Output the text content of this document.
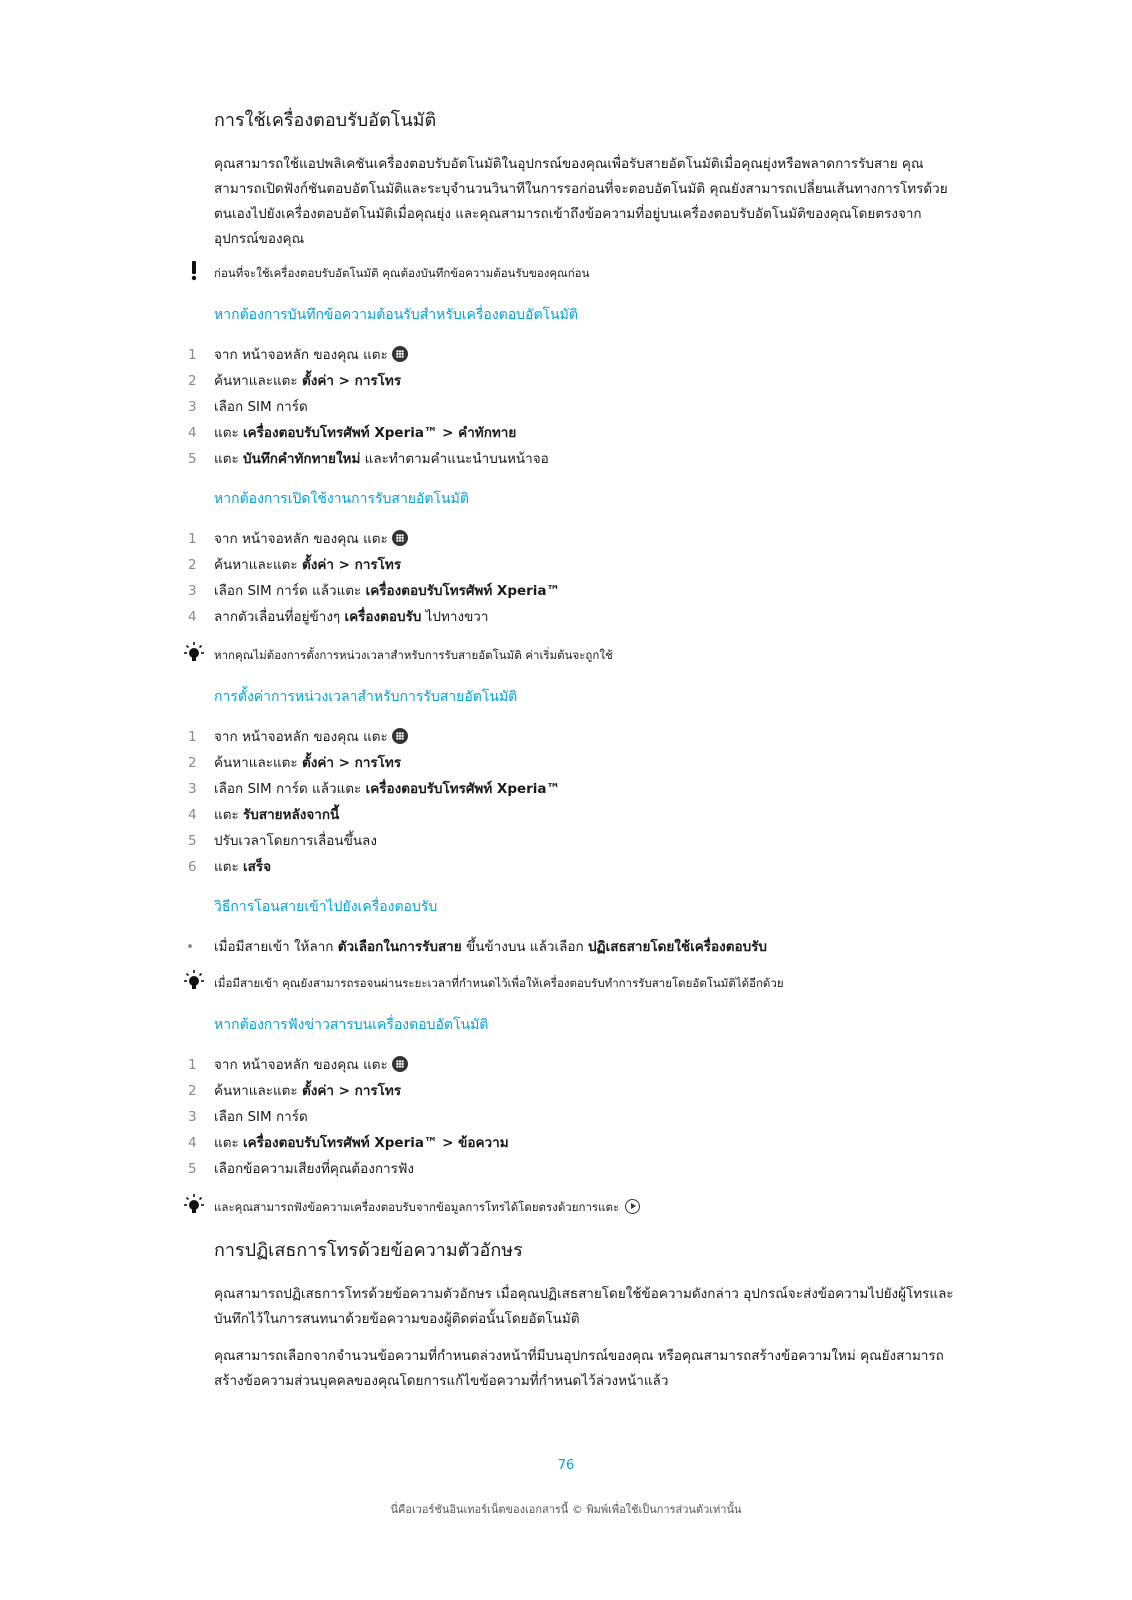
การใช้เครื่องตอบรับอัตโนมัติ

คุณสามารถใช้แอปพลิเคชันเครื่องตอบรับอัตโนมัติในอุปกรณ์ของคุณเพื่อรับสายอัตโนมัติเมื่อคุณยุ่งหรือพลาดการรับสาย คุณสามารถเปิดฟังก์ชันตอบอัตโนมัติและระบุจำนวนวินาทีในการรอก่อนที่จะตอบอัตโนมัติ คุณยังสามารถเปลี่ยนเส้นทางการโทรด้วยตนเองไปยังเครื่องตอบอัตโนมัติเมื่อคุณยุ่ง และคุณสามารถเข้าถึงข้อความที่อยู่บนเครื่องตอบรับอัตโนมัติของคุณโดยตรงจากอุปกรณ์ของคุณ

ก่อนที่จะใช้เครื่องตอบรับอัตโนมัติ คุณต้องบันทึกข้อความต้อนรับของคุณก่อน
หากต้องการบันทึกข้อความต้อนรับสำหรับเครื่องตอบอัตโนมัติ
1 จาก หน้าจอหลัก ของคุณ แตะ
2 ค้นหาและแตะ ตั้งค่า > การโทร
3 เลือก SIM การ์ด
4 แตะ เครื่องตอบรับโทรศัพท์ Xperia™ > คำทักทาย
5 แตะ บันทึกคำทักทายใหม่ และทำตามคำแนะนำบนหน้าจอ
หากต้องการเปิดใช้งานการรับสายอัตโนมัติ
1 จาก หน้าจอหลัก ของคุณ แตะ
2 ค้นหาและแตะ ตั้งค่า > การโทร
3 เลือก SIM การ์ด แล้วแตะ เครื่องตอบรับโทรศัพท์ Xperia™
4 ลากตัวเลื่อนที่อยู่ข้างๆ เครื่องตอบรับ ไปทางขวา
หากคุณไม่ต้องการตั้งการหน่วงเวลาสำหรับการรับสายอัตโนมัติ ค่าเริ่มต้นจะถูกใช้
การตั้งค่าการหน่วงเวลาสำหรับการรับสายอัตโนมัติ
1 จาก หน้าจอหลัก ของคุณ แตะ
2 ค้นหาและแตะ ตั้งค่า > การโทร
3 เลือก SIM การ์ด แล้วแตะ เครื่องตอบรับโทรศัพท์ Xperia™
4 แตะ รับสายหลังจากนี้
5 ปรับเวลาโดยการเลื่อนขึ้นลง
6 แตะ เสร็จ
วิธีการโอนสายเข้าไปยังเครื่องตอบรับ
• เมื่อมีสายเข้า ให้ลาก ตัวเลือกในการรับสาย ขึ้นข้างบน แล้วเลือก ปฏิเสธสายโดยใช้เครื่องตอบรับ
เมื่อมีสายเข้า คุณยังสามารถรอจนผ่านระยะเวลาที่กำหนดไว้เพื่อให้เครื่องตอบรับทำการรับสายโดยอัตโนมัติได้อีกด้วย
หากต้องการฟังข่าวสารบนเครื่องตอบอัตโนมัติ
1 จาก หน้าจอหลัก ของคุณ แตะ
2 ค้นหาและแตะ ตั้งค่า > การโทร
3 เลือก SIM การ์ด
4 แตะ เครื่องตอบรับโทรศัพท์ Xperia™ > ข้อความ
5 เลือกข้อความเสียงที่คุณต้องการฟัง
และคุณสามารถฟังข้อความเครื่องตอบรับจากข้อมูลการโทรได้โดยตรงด้วยการแตะ
การปฏิเสธการโทรด้วยข้อความตัวอักษร

คุณสามารถปฏิเสธการโทรด้วยข้อความตัวอักษร เมื่อคุณปฏิเสธสายโดยใช้ข้อความดังกล่าว อุปกรณ์จะส่งข้อความไปยังผู้โทรและบันทึกไว้ในการสนทนาด้วยข้อความของผู้ติดต่อนั้นโดยอัตโนมัติ

คุณสามารถเลือกจากจำนวนข้อความที่กำหนดล่วงหน้าที่มีบนอุปกรณ์ของคุณ หรือคุณสามารถสร้างข้อความใหม่ คุณยังสามารถสร้างข้อความส่วนบุคคลของคุณโดยการแก้ไขข้อความที่กำหนดไว้ล่วงหน้าแล้ว

76
นี่คือเวอร์ชันอินเทอร์เน็ตของเอกสารนี้ © พิมพ์เพื่อใช้เป็นการส่วนตัวเท่านั้น
